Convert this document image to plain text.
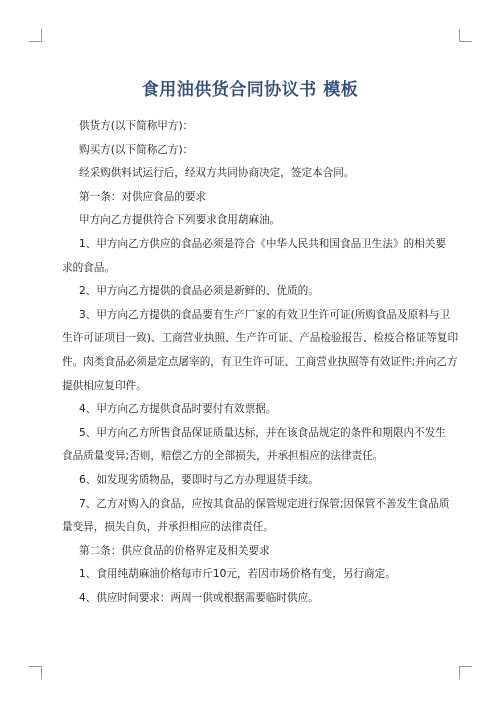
食用油供货合同协议书 模板

供货方(以下简称甲方)：

购买方(以下简称乙方)：

经采购供料试运行后，经双方共同协商决定，签定本合同。

第一条：对供应食品的要求

甲方向乙方提供符合下列要求食用葫麻油。

1、甲方向乙方供应的食品必须是符合《中华人民共和国食品卫生法》的相关要

求的食品。

2、甲方向乙方提供的食品必须是新鲜的、优质的。

3、甲方向乙方提供的食品要有生产厂家的有效卫生许可证(所购食品及原料与卫

生许可证项目一致)、工商营业执照、生产许可证、产品检验报告、检疫合格证等复印

件。肉类食品必须是定点屠宰的，有卫生许可证、工商营业执照等有效证件;并向乙方

提供相应复印件。

4、甲方向乙方提供食品时要付有效票据。

5、甲方向乙方所售食品保证质量达标，并在该食品规定的条件和期限内不发生

食品质量变异;否则，赔偿乙方的全部损失，并承担相应的法律责任。

6、如发现劣质物品，要即时与乙方办理退货手续。

7、乙方对购入的食品，应按其食品的保管规定进行保管;因保管不善发生食品质

量变异，损失自负，并承担相应的法律责任。

第二条：供应食品的价格界定及相关要求

1、食用纯葫麻油价格每市斤10元，若因市场价格有变，另行商定。

4、供应时间要求：两周一供或根据需要临时供应。
